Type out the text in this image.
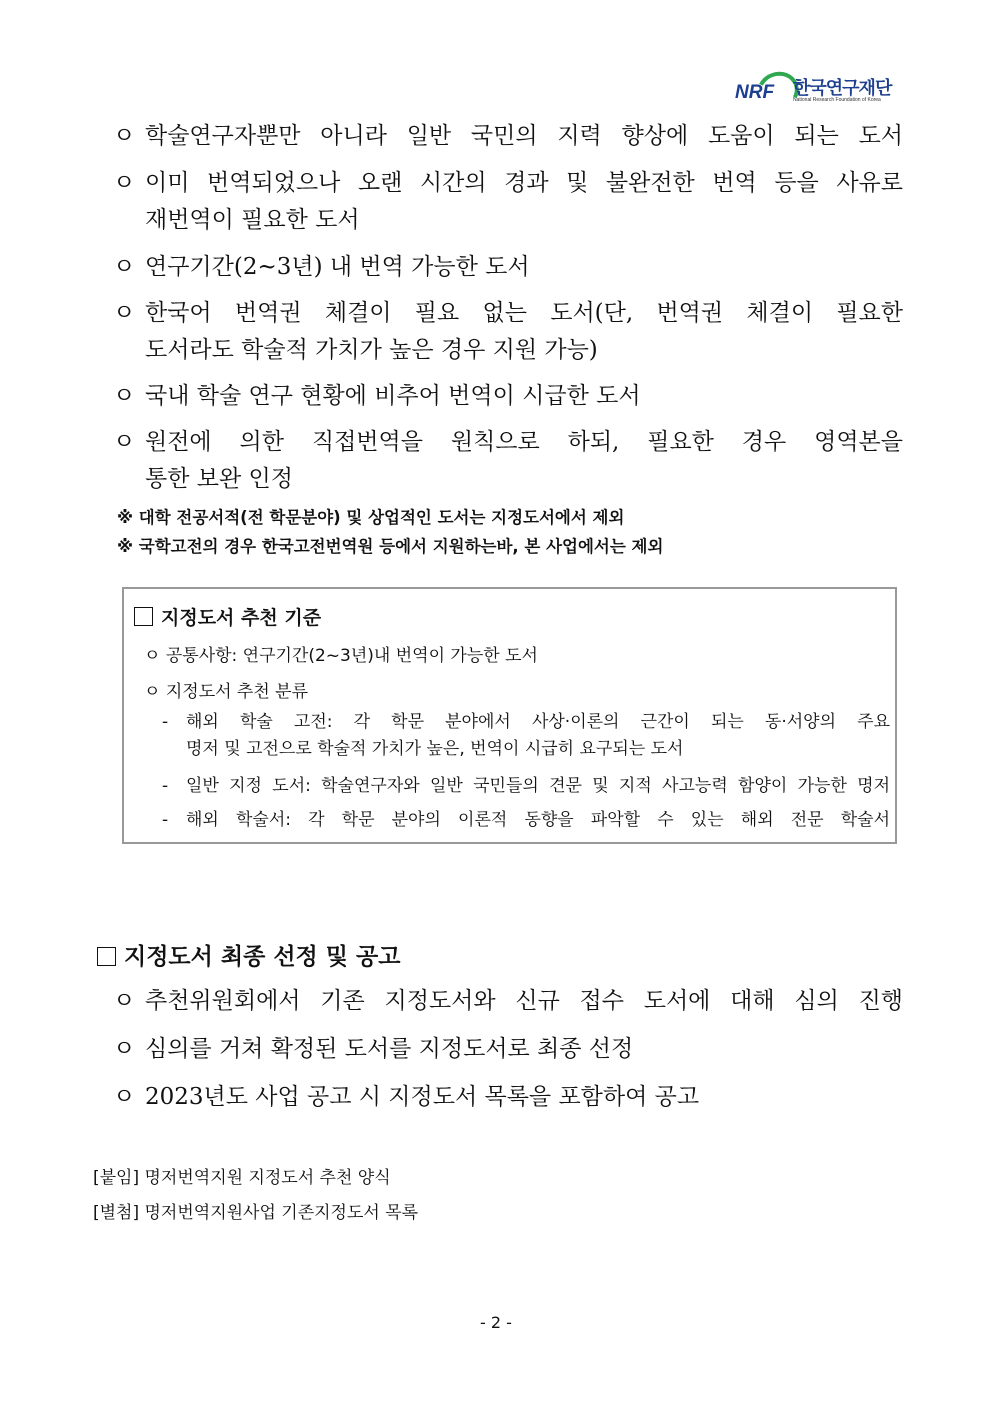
NRF 한국연구재단
National Research Foundation of Korea
ㅇ 학술연구자뿐만 아니라 일반 국민의 지력 향상에 도움이 되는 도서
ㅇ 이미 번역되었으나 오랜 시간의 경과 및 불완전한 번역 등을 사유로
재번역이 필요한 도서
ㅇ 연구기간(2~3년) 내 번역 가능한 도서
ㅇ 한국어 번역권 체결이 필요 없는 도서(단, 번역권 체결이 필요한
도서라도 학술적 가치가 높은 경우 지원 가능)
ㅇ 국내 학술 연구 현황에 비추어 번역이 시급한 도서
ㅇ 원전에 의한 직접번역을 원칙으로 하되, 필요한 경우 영역본을
통한 보완 인정
※ 대학 전공서적(전 학문분야) 및 상업적인 도서는 지정도서에서 제외
※ 국학고전의 경우 한국고전번역원 등에서 지원하는바, 본 사업에서는 제외
지정도서 추천 기준
ㅇ 공통사항: 연구기간(2~3년)내 번역이 가능한 도서
ㅇ 지정도서 추천 분류
- 해외 학술 고전: 각 학문 분야에서 사상·이론의 근간이 되는 동·서양의 주요
명저 및 고전으로 학술적 가치가 높은, 번역이 시급히 요구되는 도서
- 일반 지정 도서: 학술연구자와 일반 국민들의 견문 및 지적 사고능력 함양이 가능한 명저
- 해외 학술서: 각 학문 분야의 이론적 동향을 파악할 수 있는 해외 전문 학술서
지정도서 최종 선정 및 공고
ㅇ 추천위원회에서 기존 지정도서와 신규 접수 도서에 대해 심의 진행
ㅇ 심의를 거쳐 확정된 도서를 지정도서로 최종 선정
ㅇ 2023년도 사업 공고 시 지정도서 목록을 포함하여 공고
[붙임] 명저번역지원 지정도서 추천 양식
[별첨] 명저번역지원사업 기존지정도서 목록
- 2 -
